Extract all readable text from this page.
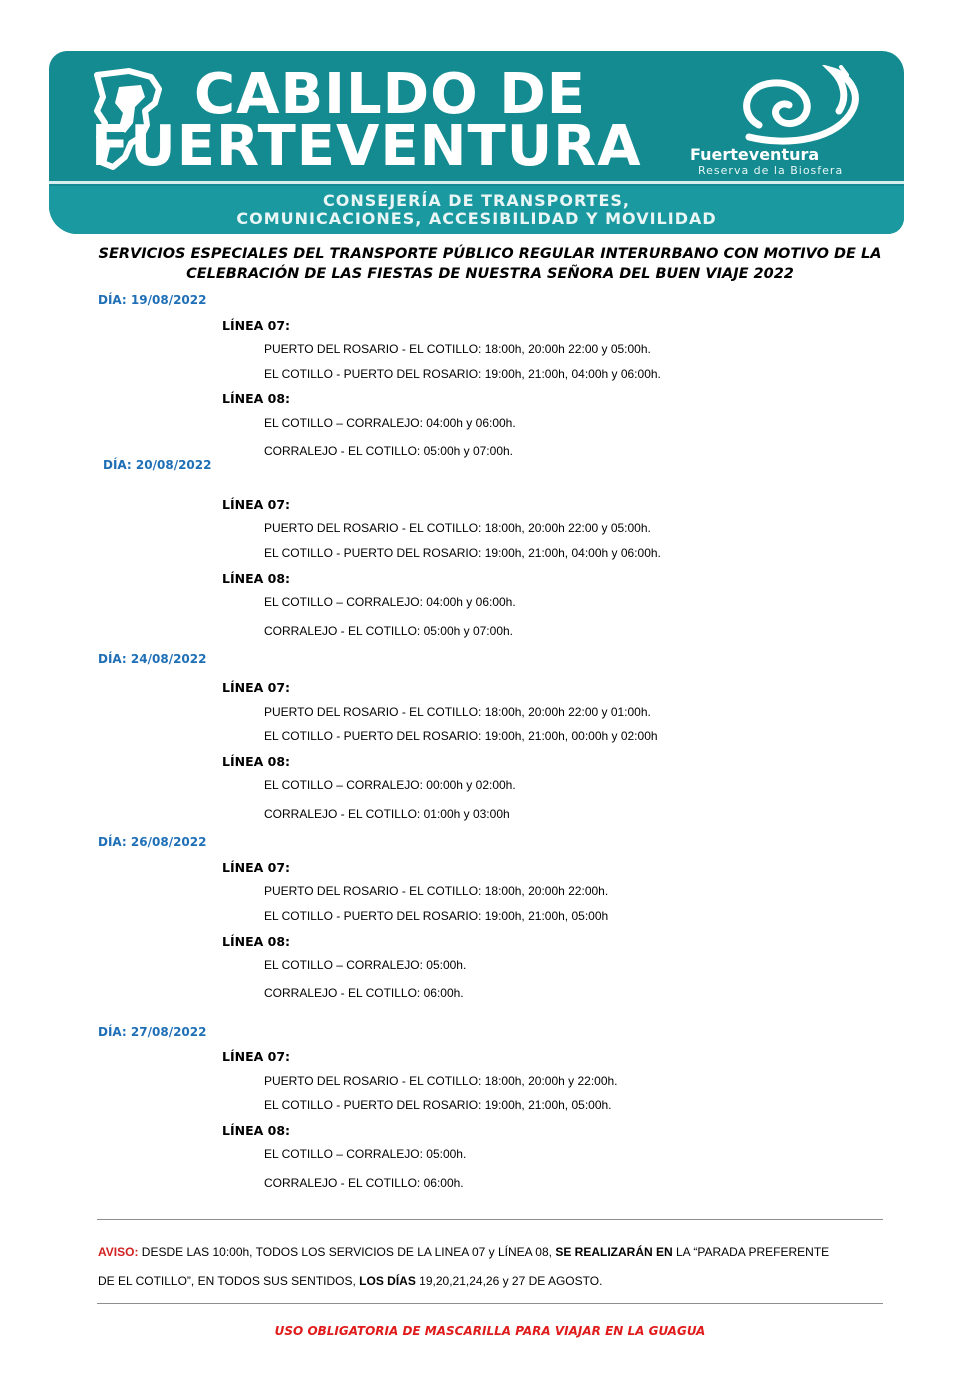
CABILDO DE
FUERTEVENTURA	Fuerteventura
Reserva de la Biosfera
CONSEJERÍA DE TRANSPORTES,
COMUNICACIONES, ACCESIBILIDAD Y MOVILIDAD
SERVICIOS ESPECIALES DEL TRANSPORTE PÚBLICO REGULAR INTERURBANO CON MOTIVO DE LA
CELEBRACIÓN DE LAS FIESTAS DE NUESTRA SEÑORA DEL BUEN VIAJE 2022
DÍA: 19/08/2022
LÍNEA 07:
PUERTO DEL ROSARIO - EL COTILLO: 18:00h, 20:00h 22:00 y 05:00h.
EL COTILLO - PUERTO DEL ROSARIO: 19:00h, 21:00h, 04:00h y 06:00h.
LÍNEA 08:
EL COTILLO – CORRALEJO: 04:00h y 06:00h.
CORRALEJO - EL COTILLO: 05:00h y 07:00h.
DÍA: 20/08/2022
LÍNEA 07:
PUERTO DEL ROSARIO - EL COTILLO: 18:00h, 20:00h 22:00 y 05:00h.
EL COTILLO - PUERTO DEL ROSARIO: 19:00h, 21:00h, 04:00h y 06:00h.
LÍNEA 08:
EL COTILLO – CORRALEJO: 04:00h y 06:00h.
CORRALEJO - EL COTILLO: 05:00h y 07:00h.
DÍA: 24/08/2022
LÍNEA 07:
PUERTO DEL ROSARIO - EL COTILLO: 18:00h, 20:00h 22:00 y 01:00h.
EL COTILLO - PUERTO DEL ROSARIO: 19:00h, 21:00h, 00:00h y 02:00h
LÍNEA 08:
EL COTILLO – CORRALEJO: 00:00h y 02:00h.
CORRALEJO - EL COTILLO: 01:00h y 03:00h
DÍA: 26/08/2022
LÍNEA 07:
PUERTO DEL ROSARIO - EL COTILLO: 18:00h, 20:00h 22:00h.
EL COTILLO - PUERTO DEL ROSARIO: 19:00h, 21:00h, 05:00h
LÍNEA 08:
EL COTILLO – CORRALEJO: 05:00h.
CORRALEJO - EL COTILLO: 06:00h.
DÍA: 27/08/2022
LÍNEA 07:
PUERTO DEL ROSARIO - EL COTILLO: 18:00h, 20:00h y 22:00h.
EL COTILLO - PUERTO DEL ROSARIO: 19:00h, 21:00h, 05:00h.
LÍNEA 08:
EL COTILLO – CORRALEJO: 05:00h.
CORRALEJO - EL COTILLO: 06:00h.
AVISO: DESDE LAS 10:00h, TODOS LOS SERVICIOS DE LA LINEA 07 y LÍNEA 08, SE REALIZARÁN EN LA “PARADA PREFERENTE
DE EL COTILLO”, EN TODOS SUS SENTIDOS, LOS DÍAS 19,20,21,24,26 y 27 DE AGOSTO.
USO OBLIGATORIA DE MASCARILLA PARA VIAJAR EN LA GUAGUA
